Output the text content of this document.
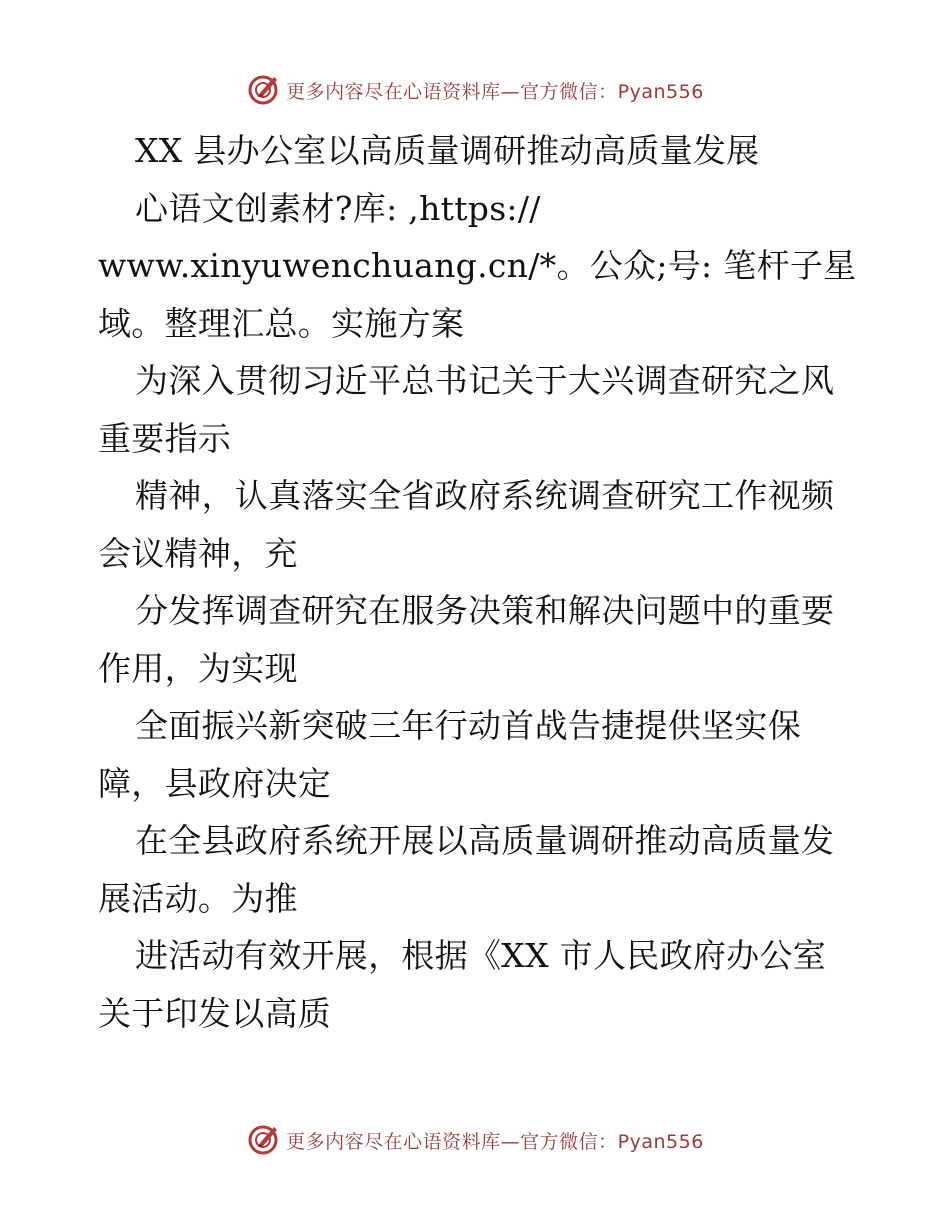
更多内容尽在心语资料库—官方微信：Pyan556
XX 县办公室以高质量调研推动高质量发展
心语文创素材?库: ,https://
www.xinyuwenchuang.cn/*。公众;号: 笔杆子星
域。整理汇总。实施方案
为深入贯彻习近平总书记关于大兴调查研究之风
重要指示
精神，认真落实全省政府系统调查研究工作视频
会议精神，充
分发挥调查研究在服务决策和解决问题中的重要
作用，为实现
全面振兴新突破三年行动首战告捷提供坚实保
障，县政府决定
在全县政府系统开展以高质量调研推动高质量发
展活动。为推
进活动有效开展，根据《XX 市人民政府办公室
关于印发以高质
更多内容尽在心语资料库—官方微信：Pyan556
